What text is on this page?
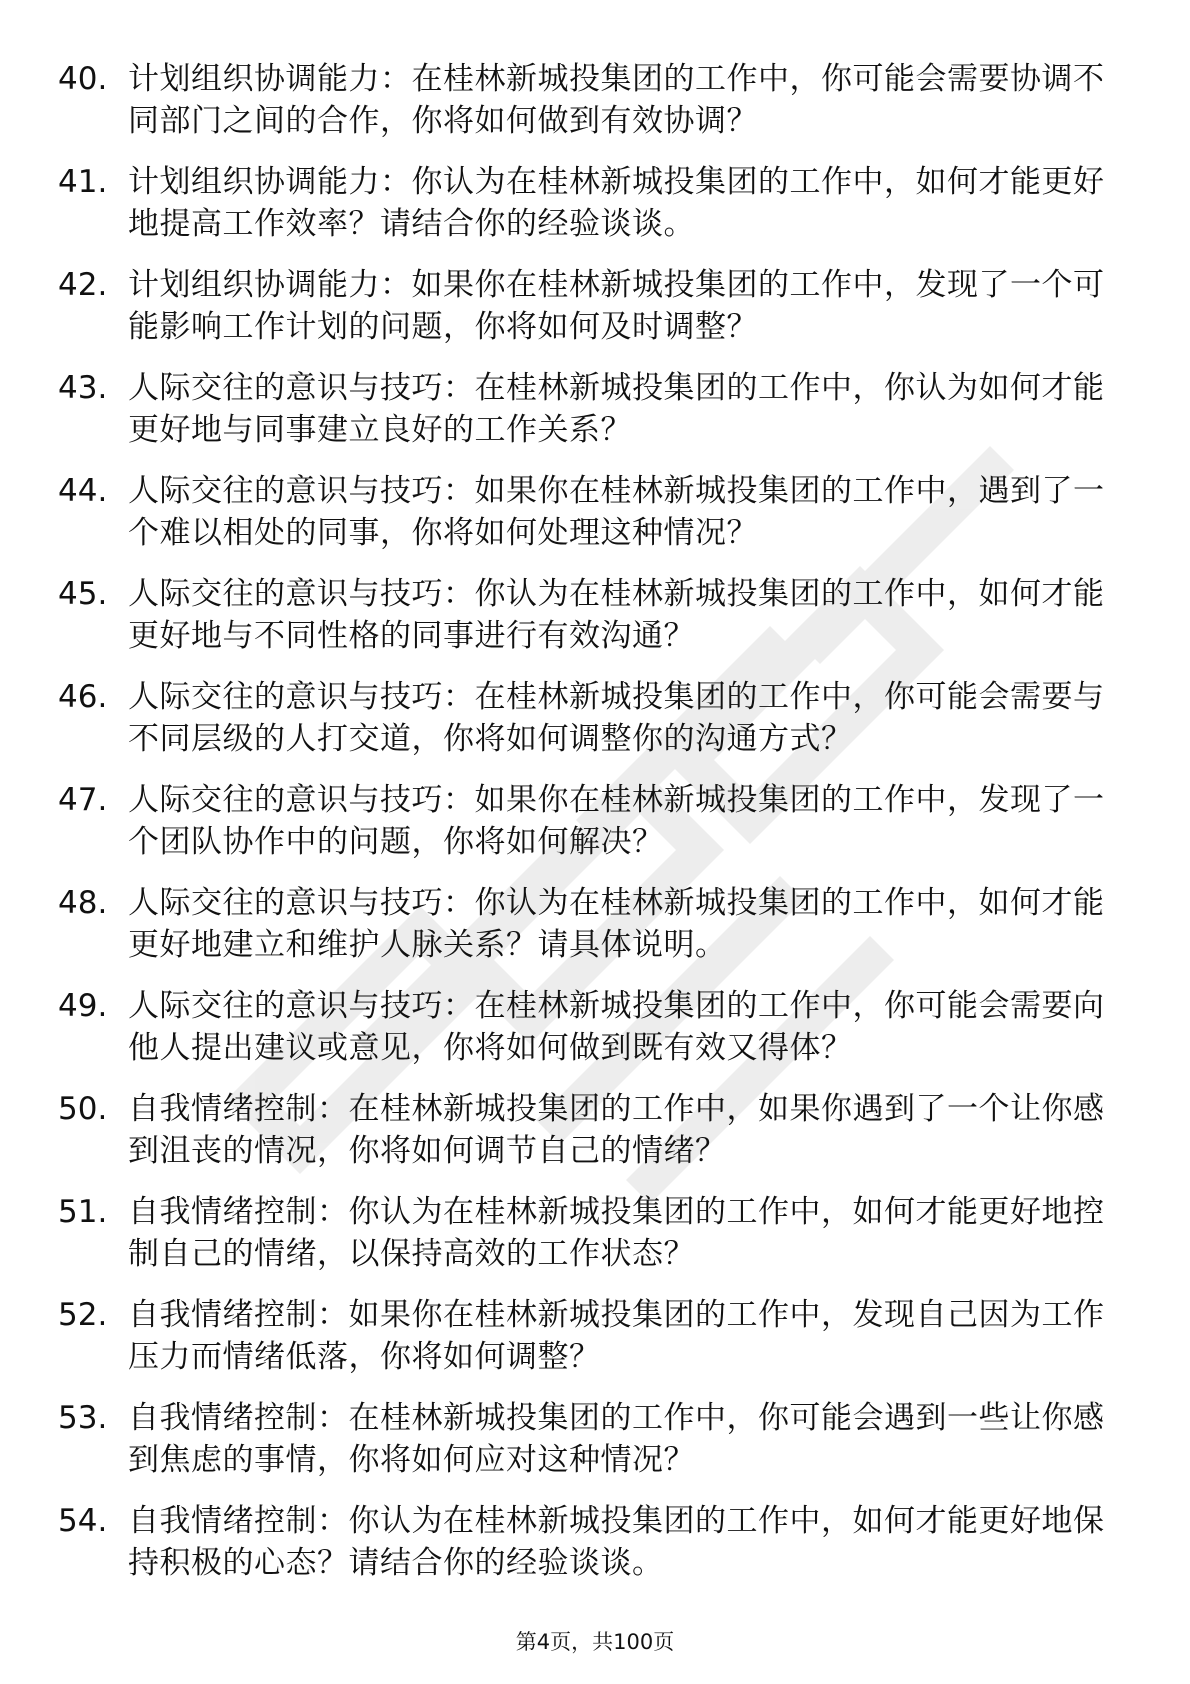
40. 计划组织协调能力：在桂林新城投集团的工作中，你可能会需要协调不同部门之间的合作，你将如何做到有效协调？
41. 计划组织协调能力：你认为在桂林新城投集团的工作中，如何才能更好地提高工作效率？请结合你的经验谈谈。
42. 计划组织协调能力：如果你在桂林新城投集团的工作中，发现了一个可能影响工作计划的问题，你将如何及时调整？
43. 人际交往的意识与技巧：在桂林新城投集团的工作中，你认为如何才能更好地与同事建立良好的工作关系？
44. 人际交往的意识与技巧：如果你在桂林新城投集团的工作中，遇到了一个难以相处的同事，你将如何处理这种情况？
45. 人际交往的意识与技巧：你认为在桂林新城投集团的工作中，如何才能更好地与不同性格的同事进行有效沟通？
46. 人际交往的意识与技巧：在桂林新城投集团的工作中，你可能会需要与不同层级的人打交道，你将如何调整你的沟通方式？
47. 人际交往的意识与技巧：如果你在桂林新城投集团的工作中，发现了一个团队协作中的问题，你将如何解决？
48. 人际交往的意识与技巧：你认为在桂林新城投集团的工作中，如何才能更好地建立和维护人脉关系？请具体说明。
49. 人际交往的意识与技巧：在桂林新城投集团的工作中，你可能会需要向他人提出建议或意见，你将如何做到既有效又得体？
50. 自我情绪控制：在桂林新城投集团的工作中，如果你遇到了一个让你感到沮丧的情况，你将如何调节自己的情绪？
51. 自我情绪控制：你认为在桂林新城投集团的工作中，如何才能更好地控制自己的情绪，以保持高效的工作状态？
52. 自我情绪控制：如果你在桂林新城投集团的工作中，发现自己因为工作压力而情绪低落，你将如何调整？
53. 自我情绪控制：在桂林新城投集团的工作中，你可能会遇到一些让你感到焦虑的事情，你将如何应对这种情况？
54. 自我情绪控制：你认为在桂林新城投集团的工作中，如何才能更好地保持积极的心态？请结合你的经验谈谈。
第4页，共100页
